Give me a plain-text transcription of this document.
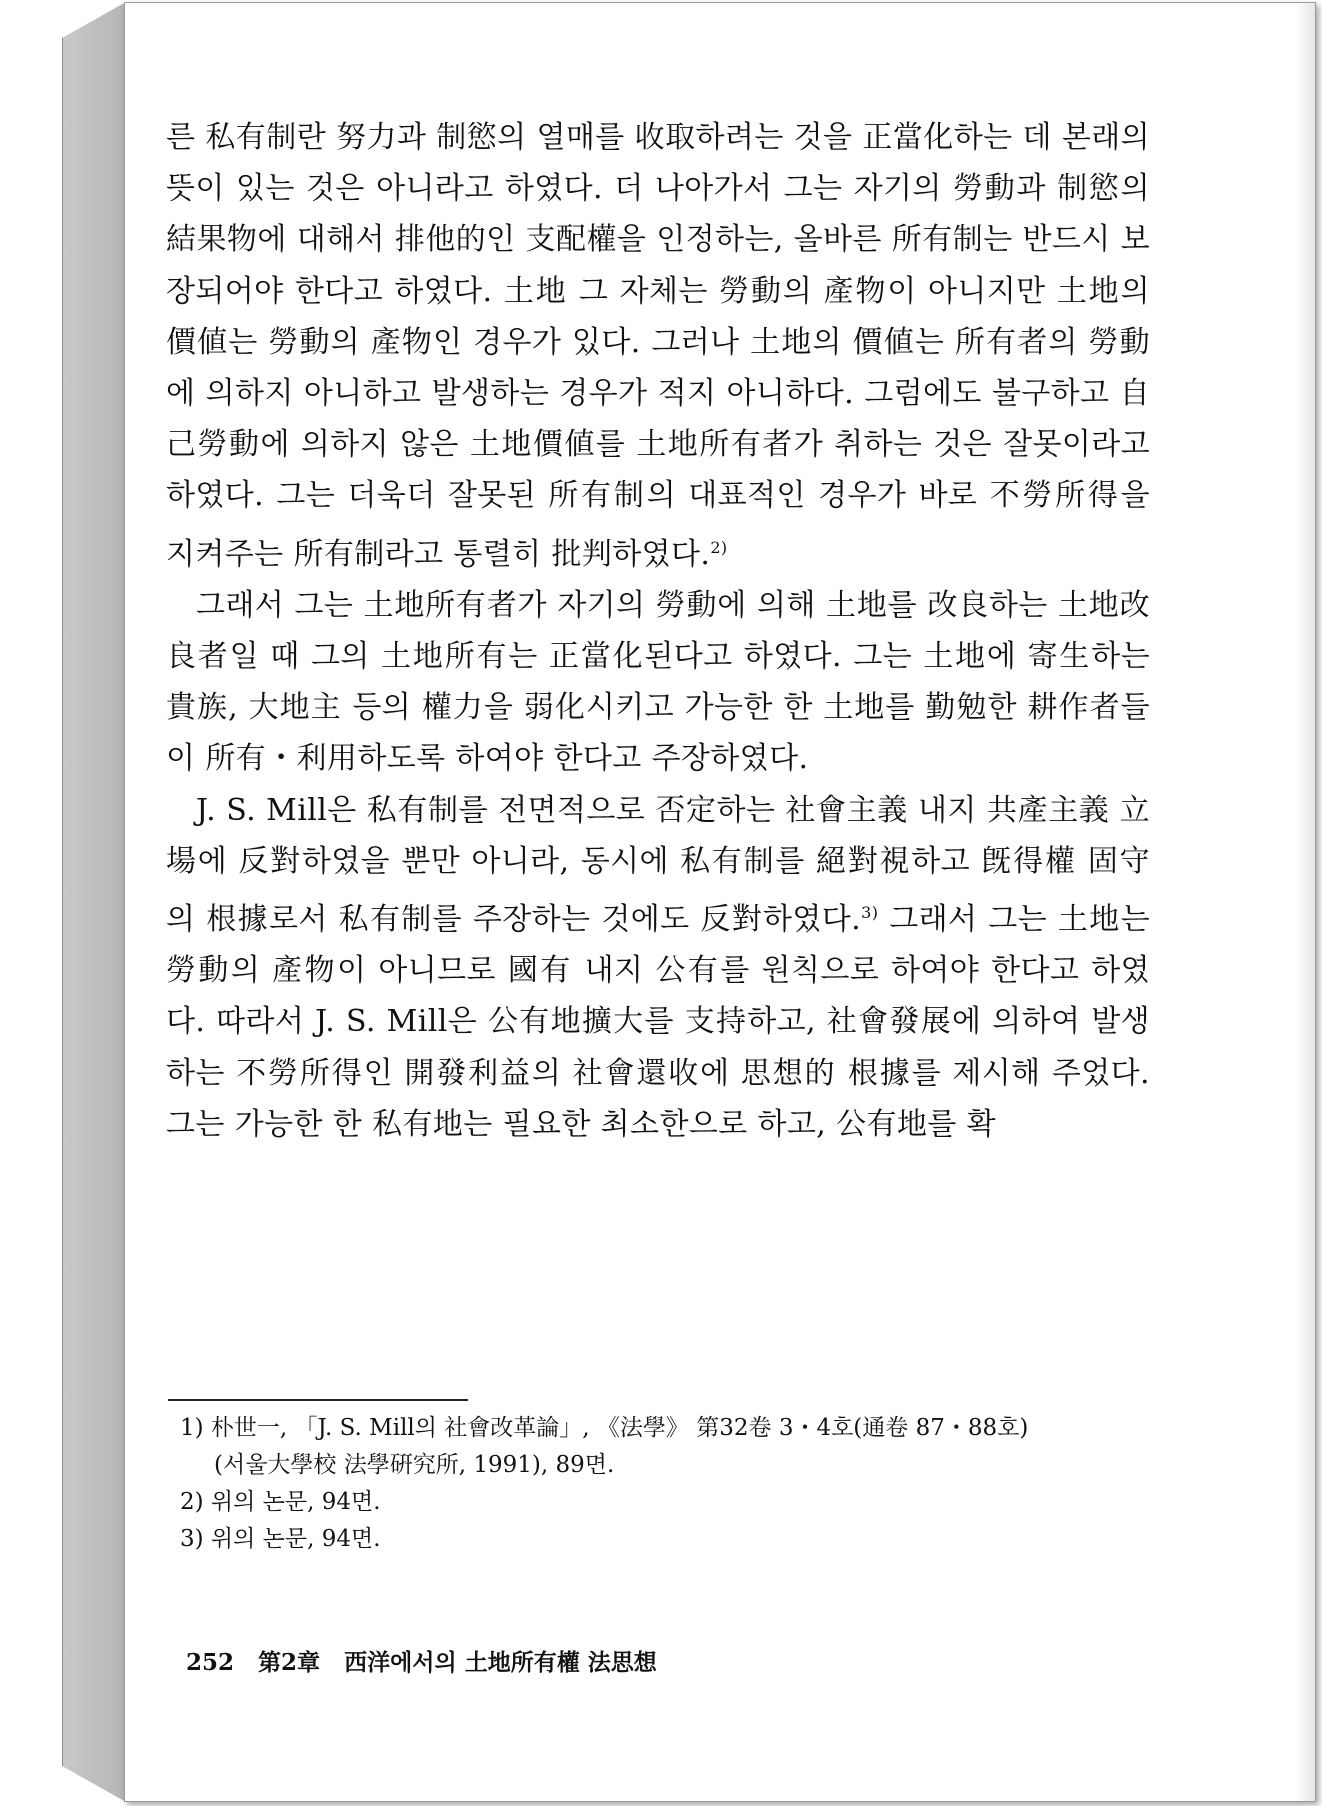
른 私有制란 努力과 制慾의 열매를 收取하려는 것을 正當化하는 데 본래의 뜻이 있는 것은 아니라고 하였다. 더 나아가서 그는 자기의 勞動과 制慾의 結果物에 대해서 排他的인 支配權을 인정하는, 올바른 所有制는 반드시 보장되어야 한다고 하였다. 土地 그 자체는 勞動의 產物이 아니지만 土地의 價値는 勞動의 產物인 경우가 있다. 그러나 土地의 價値는 所有者의 勞動에 의하지 아니하고 발생하는 경우가 적지 아니하다. 그럼에도 불구하고 自己勞動에 의하지 않은 土地價値를 土地所有者가 취하는 것은 잘못이라고 하였다. 그는 더욱더 잘못된 所有制의 대표적인 경우가 바로 不勞所得을 지켜주는 所有制라고 통렬히 批判하였다.$^{2)}$

그래서 그는 土地所有者가 자기의 勞動에 의해 土地를 改良하는 土地改良者일 때 그의 土地所有는 正當化된다고 하였다. 그는 土地에 寄生하는 貴族, 大地主 등의 權力을 弱化시키고 가능한 한 土地를 勤勉한 耕作者들이 所有・利用하도록 하여야 한다고 주장하였다.

J. S. Mill은 私有制를 전면적으로 否定하는 社會主義 내지 共產主義 立場에 反對하였을 뿐만 아니라, 동시에 私有制를 絕對視하고 旣得權 固守의 根據로서 私有制를 주장하는 것에도 反對하였다.$^{3)}$ 그래서 그는 土地는 勞動의 產物이 아니므로 國有 내지 公有를 원칙으로 하여야 한다고 하였다. 따라서 J. S. Mill은 公有地擴大를 支持하고, 社會發展에 의하여 발생하는 不勞所得인 開發利益의 社會還收에 思想的 根據를 제시해 주었다. 그는 가능한 한 私有地는 필요한 최소한으로 하고, 公有地를 확

1) 朴世一, 「J. S. Mill의 社會改革論」, 《法學》 第32卷 3・4호(通卷 87・88호)

(서울大學校 法學硏究所, 1991), 89면.

2) 위의 논문, 94면.

3) 위의 논문, 94면.

252 第2章 西洋에서의 土地所有權 法思想
